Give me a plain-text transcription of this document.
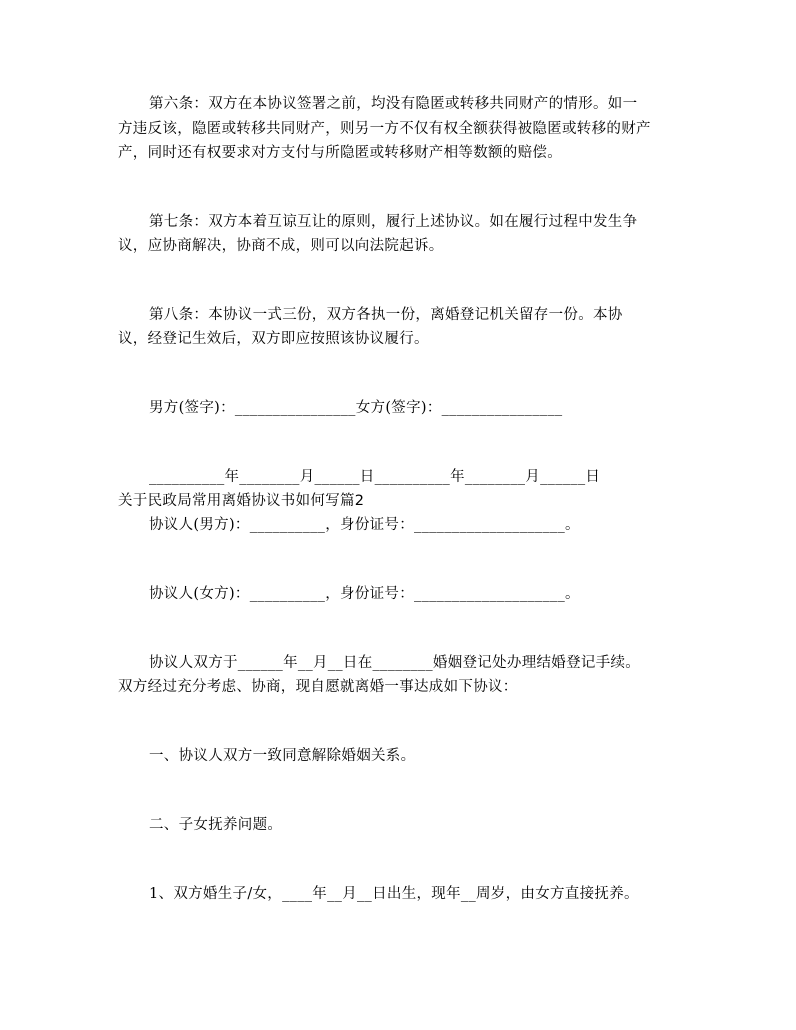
第六条：双方在本协议签署之前，均没有隐匿或转移共同财产的情形。如一
方违反该，隐匿或转移共同财产，则另一方不仅有权全额获得被隐匿或转移的财产
产，同时还有权要求对方支付与所隐匿或转移财产相等数额的赔偿。
第七条：双方本着互谅互让的原则，履行上述协议。如在履行过程中发生争
议，应协商解决，协商不成，则可以向法院起诉。
第八条：本协议一式三份，双方各执一份，离婚登记机关留存一份。本协
议，经登记生效后，双方即应按照该协议履行。
男方(签字)：________________女方(签字)：________________
__________年________月______日__________年________月______日
关于民政局常用离婚协议书如何写篇2
协议人(男方)：__________，身份证号：____________________。
协议人(女方)：__________，身份证号：____________________。
协议人双方于______年__月__日在________婚姻登记处办理结婚登记手续。
双方经过充分考虑、协商，现自愿就离婚一事达成如下协议：
一、协议人双方一致同意解除婚姻关系。
二、子女抚养问题。
1、双方婚生子/女，____年__月__日出生，现年__周岁，由女方直接抚养。
